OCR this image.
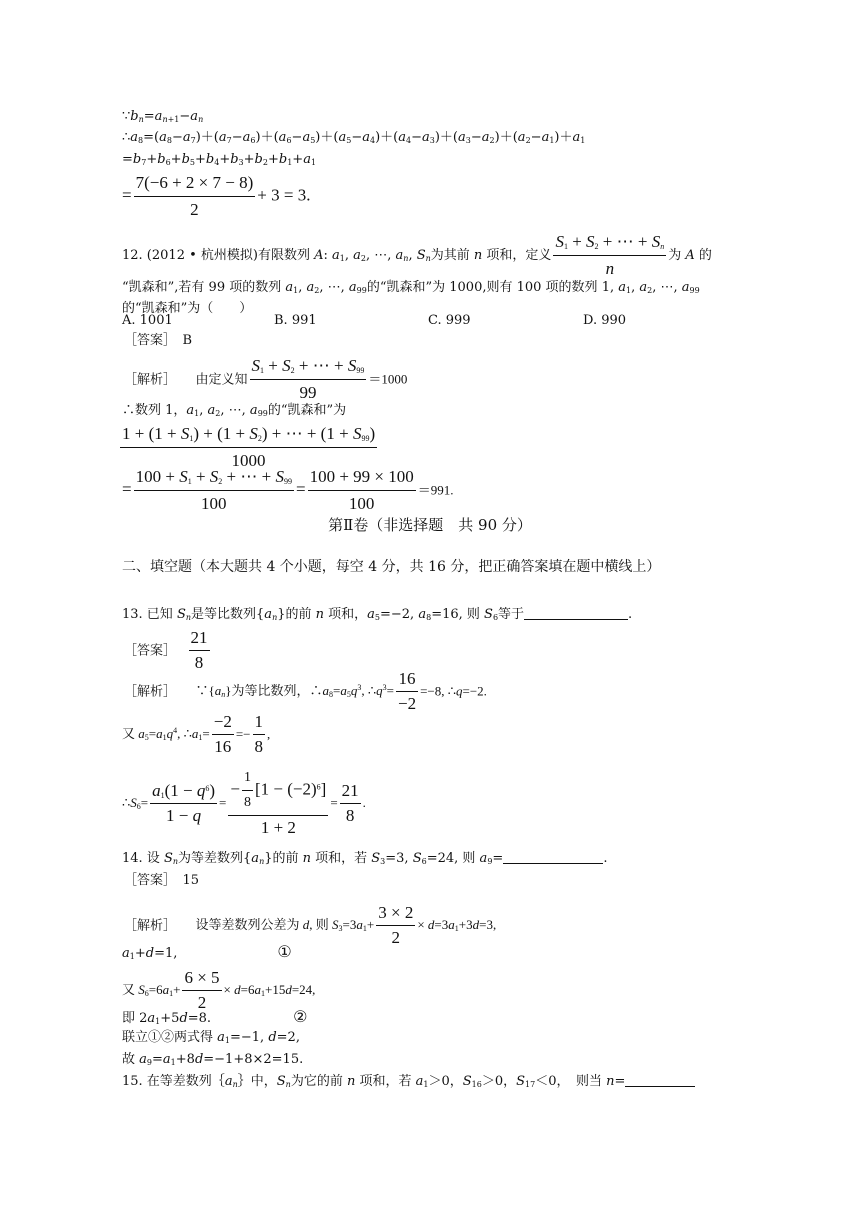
$\because b_n=a_{n+1}-a_n$
$\therefore a_8=(a_8-a_7)+(a_7-a_6)+(a_6-a_5)+(a_5-a_4)+(a_4-a_3)+(a_3-a_2)+(a_2-a_1)+a_1$
$=b_7+b_6+b_5+b_4+b_3+b_2+b_1+a_1$
= $\frac{7(-6 + 2 \times 7 - 8)}{2} + 3 = 3$.
12. (2012 • 杭州模拟)有限数列 A: $a_1$, $a_2$, ⋯, $a_n$, $S_n$为其前 n 项和，定义 $\frac{S_1 + S_2 + \cdots + S_n}{n}$ 为 A 的
“凯森和”,若有 99 项的数列 $a_1$, $a_2$, ⋯, $a_{99}$的“凯森和”为 1000,则有 100 项的数列 1, $a_1$, $a_2$, ⋯, $a_{99}$
的“凯森和”为（　　）
A. 1001	B. 991	C. 999	D. 990
［答案］　 B
［解析］　　 由定义知 $\frac{S_1 + S_2 + \cdots + S_{99}}{99} =1000$
∴数列 1，$a_1$, $a_2$, ⋯, $a_{99}$的“凯森和”为
$\frac{1 + (1 + S_1) + (1 + S_2) + \cdots + (1 + S_{99})}{1000}$
= $\frac{100 + S_1 + S_2 + \cdots + S_{99}}{100} = \frac{100 + 99 \times 100}{100} =991$.
第Ⅱ卷（非选择题　共 90 分）
二、填空题（本大题共 4 个小题，每空 4 分，共 16 分，把正确答案填在题中横线上）
13. 已知 $S_n$是等比数列$\{a_n\}$的前 n 项和，$a_5=-2$, $a_8=16$, 则 $S_6$等于	.
［答案］　 $\frac{21}{8}$
［解析］　　$\because\{a_n\}$为等比数列，$\therefore a_8=a_5q^3$, $\therefore q^3= \frac{16}{-2} =-8$, ∴q=−2.
又 $a_5=a_1q^4$, $\therefore a_1= \frac{-2}{16} =- \frac{1}{8}$ ,
$\therefore S_6= \frac{a_1(1 - q^6)}{1 - q} = \frac{- \frac{1}{8} [1 - (-2)^6]}{1 + 2} = \frac{21}{8}$ .
14. 设 $S_n$为等差数列$\{a_n\}$的前 n 项和，若 $S_3=3$, $S_6=24$, 则 $a_9=$	.
［答案］　 15
［解析］　　设等差数列公差为 d, 则 $S_3=3a_1+ \frac{3 \times 2}{2} \times d=3a_1+3d=3$,
$a_1+d=1$,	①
又 $S_6=6a_1+ \frac{6 \times 5}{2} \times d=6a_1+15d=24$,
即 $2a_1+5d=8$.	②
联立①②两式得 $a_1=-1$, d=2,
故 $a_9=a_1+8d=-1+8\times 2=15$.
15. 在等差数列$\{a_n\}$中，$S_n$为它的前 n 项和，若 $a_1>0$，$S_{16}>0$，$S_{17}<0$，　则当 n=
